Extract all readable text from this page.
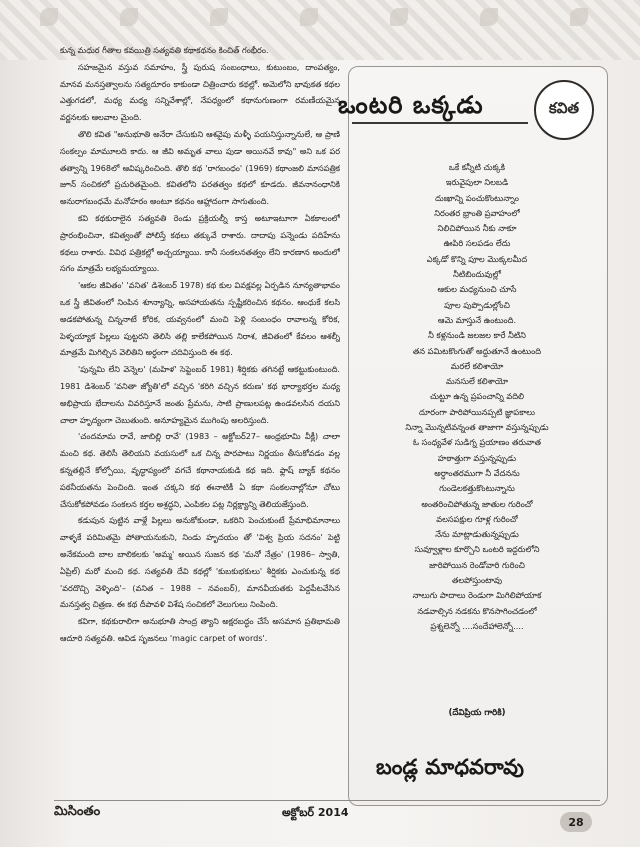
కున్న మధుర గీతాల కవయిత్రి సత్యవతి కథాకథనం కించిత్ గంభీరం.

సహజమైన వస్తువ సమాహం, స్త్రీ పురుష సంబంధాలు, కుటుంబం, దాంపత్యం, మానవ మనస్తత్వాలను సత్యదూరం కాకుండా చిత్రించారు కథల్లో. అమెలోని భావుకత కథల ఎత్తుగడలో, మధ్య మధ్య సన్నివేశాల్లో, నేపధ్యంలో కథానుగుణంగా రమణీయమైన వర్ణనలకు ఆలవాల మైంది.

తొలి కవిత "అనుభూతి అనేరా చేసుకుని ఆశవైపు మళ్ళీ పయనిస్తున్నానులే, ఆ ప్రాణి సంకల్పం మామూలది కాదు. ఆ జీవి అమృత వాలు పుడా అయినవే కావు" అని ఒక పర తత్వాన్ని 1968లో ఆవిష్కరించింది. తొలి కథ 'రాగబంధం' (1969) కథాంజలి మాసపత్రిక జూన్ సంచికలో ప్రచురితమైంది. కవితలోని పరతత్వం కథలో కూడదు. జీవనానంధానికి అనురాగబంధమే మనోహరం అంటూ కథనం ఆహ్లాదంగా సాగుతుంది.

కవి కథకురాలైన సత్యవతి రెండు ప్రక్రియల్నీ కాస్త అటూఇటూగా ఏకకాలంలో ప్రారంభించినా, కవిత్వంతో పోలిస్తే కథలు తక్కువే రాశారు. దాదాపు పన్నెండు పదిహేను కథలు రాశారు. వివిధ పత్రికల్లో అచ్చయ్యాయి. కానీ సంకలనతత్వం లేని కారణాన అందులో సగం మాత్రమే లభ్యమయ్యాయి.

'ఆకల జీవితం' 'వనిత' డిశెంబర్ 1978) కథ కుల వివక్షవల్ల ఏర్పడిన నూన్యతాభావం ఒక స్త్రీ జీవితంలో నింపిన శూన్యాన్ని, అసహాయతను స్పష్టీకరించిన కథనం. ఆంధుకే కలసి అడకపోతున్న చిన్ననాటే కోరిక, యవ్వనంలో మంచి పెళ్లి సంబంధం రావాలన్న కోరిక, పెళ్ళయ్యాక పిల్లలు పుట్టరని తెలిసి తల్లి కాలేకపోయిన నిరాశ, జీవితంలో కేవలం ఆశల్నీ మాత్రమే మిగిల్చిన వెలితిని అర్ధంగా చదివిస్తుంది ఈ కథ.

'పున్నమి లేని వెన్నెల' (మహిళ' సెప్టెంబర్ 1981) శీర్షికకు తగినట్టే ఆకట్టుకుంటుంది. 1981 డిశెంబర్ 'వనితా జ్యోతి'లో వచ్చిన 'కరిగి వచ్చిన కరుణ' కథ భార్యాభర్తల మధ్య అభిప్రాయ భేదాలను వివరిస్తూనే జంతు ప్రేమను, సాటి ప్రాణులపట్ల ఉండవలసిన దయని చాలా హృద్యంగా చెబుతుంది. అనూహ్యమైన ముగింపు అలరిస్తుంది.

'చందమామ రావే, జాబిల్లి రావే' (1983 – అక్టోబర్27– ఆంధ్రభూమి వీక్లీ) చాలా మంచి కథ. తెలిసీ తెలియని వయసులో ఒక చిన్న పొరపాటు నిర్ణయం తీసుకోవడం వల్ల కన్నతల్లినే కోల్పోయి, వృద్ధాప్యంలో వగచే కథానాయకుడి కథ ఇది. ఫ్లాష్ బ్యాక్ కథనం పఠనీయతను పెంచింది. ఇంత చక్కని కథ ఈనాటికీ ఏ కథా సంకలనాల్లోనూ చోటు చేసుకోకపోవడం సంకలన కర్తల అశ్రద్ధని, ఎంపికల పట్ల నిర్లక్ష్యాన్ని తెలియజేస్తుంది.

కడుపున పుట్టిన వాళ్లే పిల్లలు అనుకోకుండా, ఒకరిని పెంచుకుంటే ప్రేమాభిమానాలు వాళ్ళకే పరిమితమై పోతాయనుకుని, నిండు హృదయం తో 'విశ్వ ప్రియ సదనం' పెట్టి అనేకమంది బాల బాలికలకు 'అమ్మ' అయిన సుజన కథ 'మనో నేత్రం' (1986– స్వాతి, ఏప్రిల్) మరో మంచి కథ. సత్యవతి దేవి కథల్లో 'కుబకుభకులు' శీర్షికకు ఎంచుకున్న కథ 'వరదొచ్చి వెళ్ళింది'– (వనిత – 1988 – నవంబర్), మానవీయతకు పెద్దపీటవేసిన మనస్తత్వ చిత్రణ. ఈ కథ దీపావళి విశేష సంచికలో వెలుగులు నింపింది.

కవిగా, కథకురాలిగా అనుభూతి సాంద్ర త్యాని అక్షరబద్ధం చేసే అసమాన ప్రతిభామతి ఆదూరి సత్యవతి. ఆవిడ సృజనలు 'magic carpet of words'.

ఒంటరి ఒక్కడు	కవిత
ఒకే కన్నీటి చుక్కకి
ఇరువైపులా నిలబడి
దుఃఖాన్ని పంచుకొంటున్నాం
నిరంతర భ్రాంతి ప్రవాహంలో
నిలిచిపోయిన నీకు నాకూ
ఊపిరి సలపడం లేదు
ఎక్కడో కొన్ని పూల మొక్కలమీద
నీటిబిందువుల్లో
ఆకుల మధ్యనుంచి చూసే
పూల పుప్పొడుల్లోంచి
ఆమె మాస్తునే ఉంటుంది.
నీ కళ్లనుండి జలజల కారే నీటిని
తన పమిటకొంగుతో అద్దుతూనే ఉంటుంది
మరలే కలిశాయో
మనసులే కలిశాయో
చుట్టూ ఉన్న ప్రపంచాన్ని వదిలి
దూరంగా పారిపోయినప్పటి జ్ఞాపకాలు
నిన్నా మొన్నటివన్నంత తాజాగా వస్తున్నప్పుడు
ఓ సంధ్యవేళ సుడిగ్న ప్రయాణం తరువాత
హఠాత్తుగా వస్తున్నప్పుడు
అర్ధాంతరముగా నీ వేదనను
గుండెలకత్తుకొంటున్నాను
అంతరించిపోతున్న జాతుల గురించో
వలసపక్షుల గూళ్ల గురించో
నేను మాట్లాడుతున్నప్పుడు
సువ్వూళ్లాల కూర్చొని ఒంటరి ఇద్దరులోని
జారిపోయిన రెండోవారి గురించి
తలపోస్తుంటావు
నాలుగు పాదాలు రెండుగా మిగిలిపోయాక
నడవాల్సిన నడకను కొనసాగించడంలో
ప్రశ్నలెన్నో ....సందేహాలెన్నో....
(దేవిప్రియ గారికి)
బండ్ల మాధవరావు
మిసింతం	అక్టోబర్ 2014
28
